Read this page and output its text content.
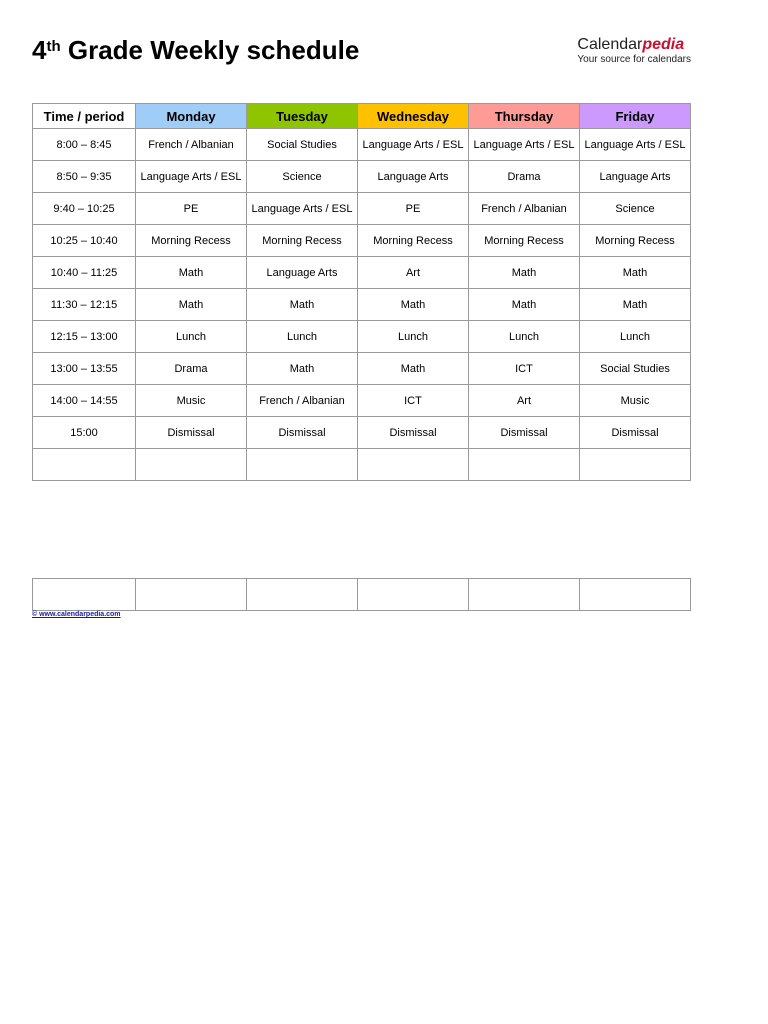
4th Grade Weekly schedule	Calendarpedia
Your source for calendars
Time / period	Monday	Tuesday	Wednesday	Thursday	Friday
8:00 – 8:45	French / Albanian	Social Studies	Language Arts / ESL	Language Arts / ESL	Language Arts / ESL
8:50 – 9:35	Language Arts / ESL	Science	Language Arts	Drama	Language Arts
9:40 – 10:25	PE	Language Arts / ESL	PE	French / Albanian	Science
10:25 – 10:40	Morning Recess	Morning Recess	Morning Recess	Morning Recess	Morning Recess
10:40 – 11:25	Math	Language Arts	Art	Math	Math
11:30 – 12:15	Math	Math	Math	Math	Math
12:15 – 13:00	Lunch	Lunch	Lunch	Lunch	Lunch
13:00 – 13:55	Drama	Math	Math	ICT	Social Studies
14:00 – 14:55	Music	French / Albanian	ICT	Art	Music
15:00	Dismissal	Dismissal	Dismissal	Dismissal	Dismissal

© www.calendarpedia.com
